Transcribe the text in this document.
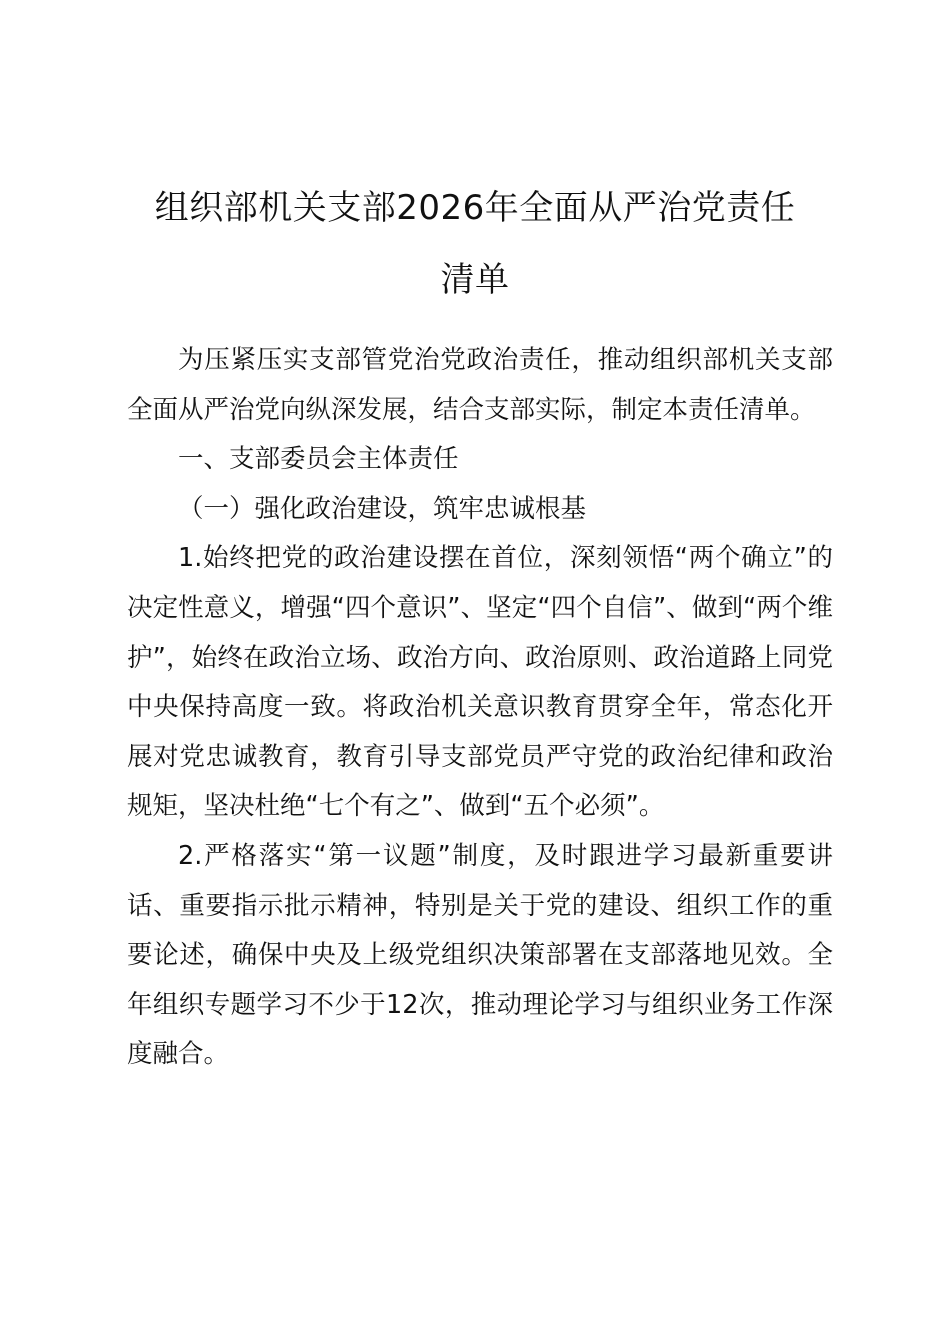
组织部机关支部2026年全面从严治党责任
清单

为压紧压实支部管党治党政治责任，推动组织部机关支部全面从严治党向纵深发展，结合支部实际，制定本责任清单。

一、支部委员会主体责任

（一）强化政治建设，筑牢忠诚根基

1.始终把党的政治建设摆在首位，深刻领悟“两个确立”的决定性意义，增强“四个意识”、坚定“四个自信”、做到“两个维护”，始终在政治立场、政治方向、政治原则、政治道路上同党中央保持高度一致。将政治机关意识教育贯穿全年，常态化开展对党忠诚教育，教育引导支部党员严守党的政治纪律和政治规矩，坚决杜绝“七个有之”、做到“五个必须”。

2.严格落实“第一议题”制度，及时跟进学习最新重要讲话、重要指示批示精神，特别是关于党的建设、组织工作的重要论述，确保中央及上级党组织决策部署在支部落地见效。全年组织专题学习不少于12次，推动理论学习与组织业务工作深度融合。
